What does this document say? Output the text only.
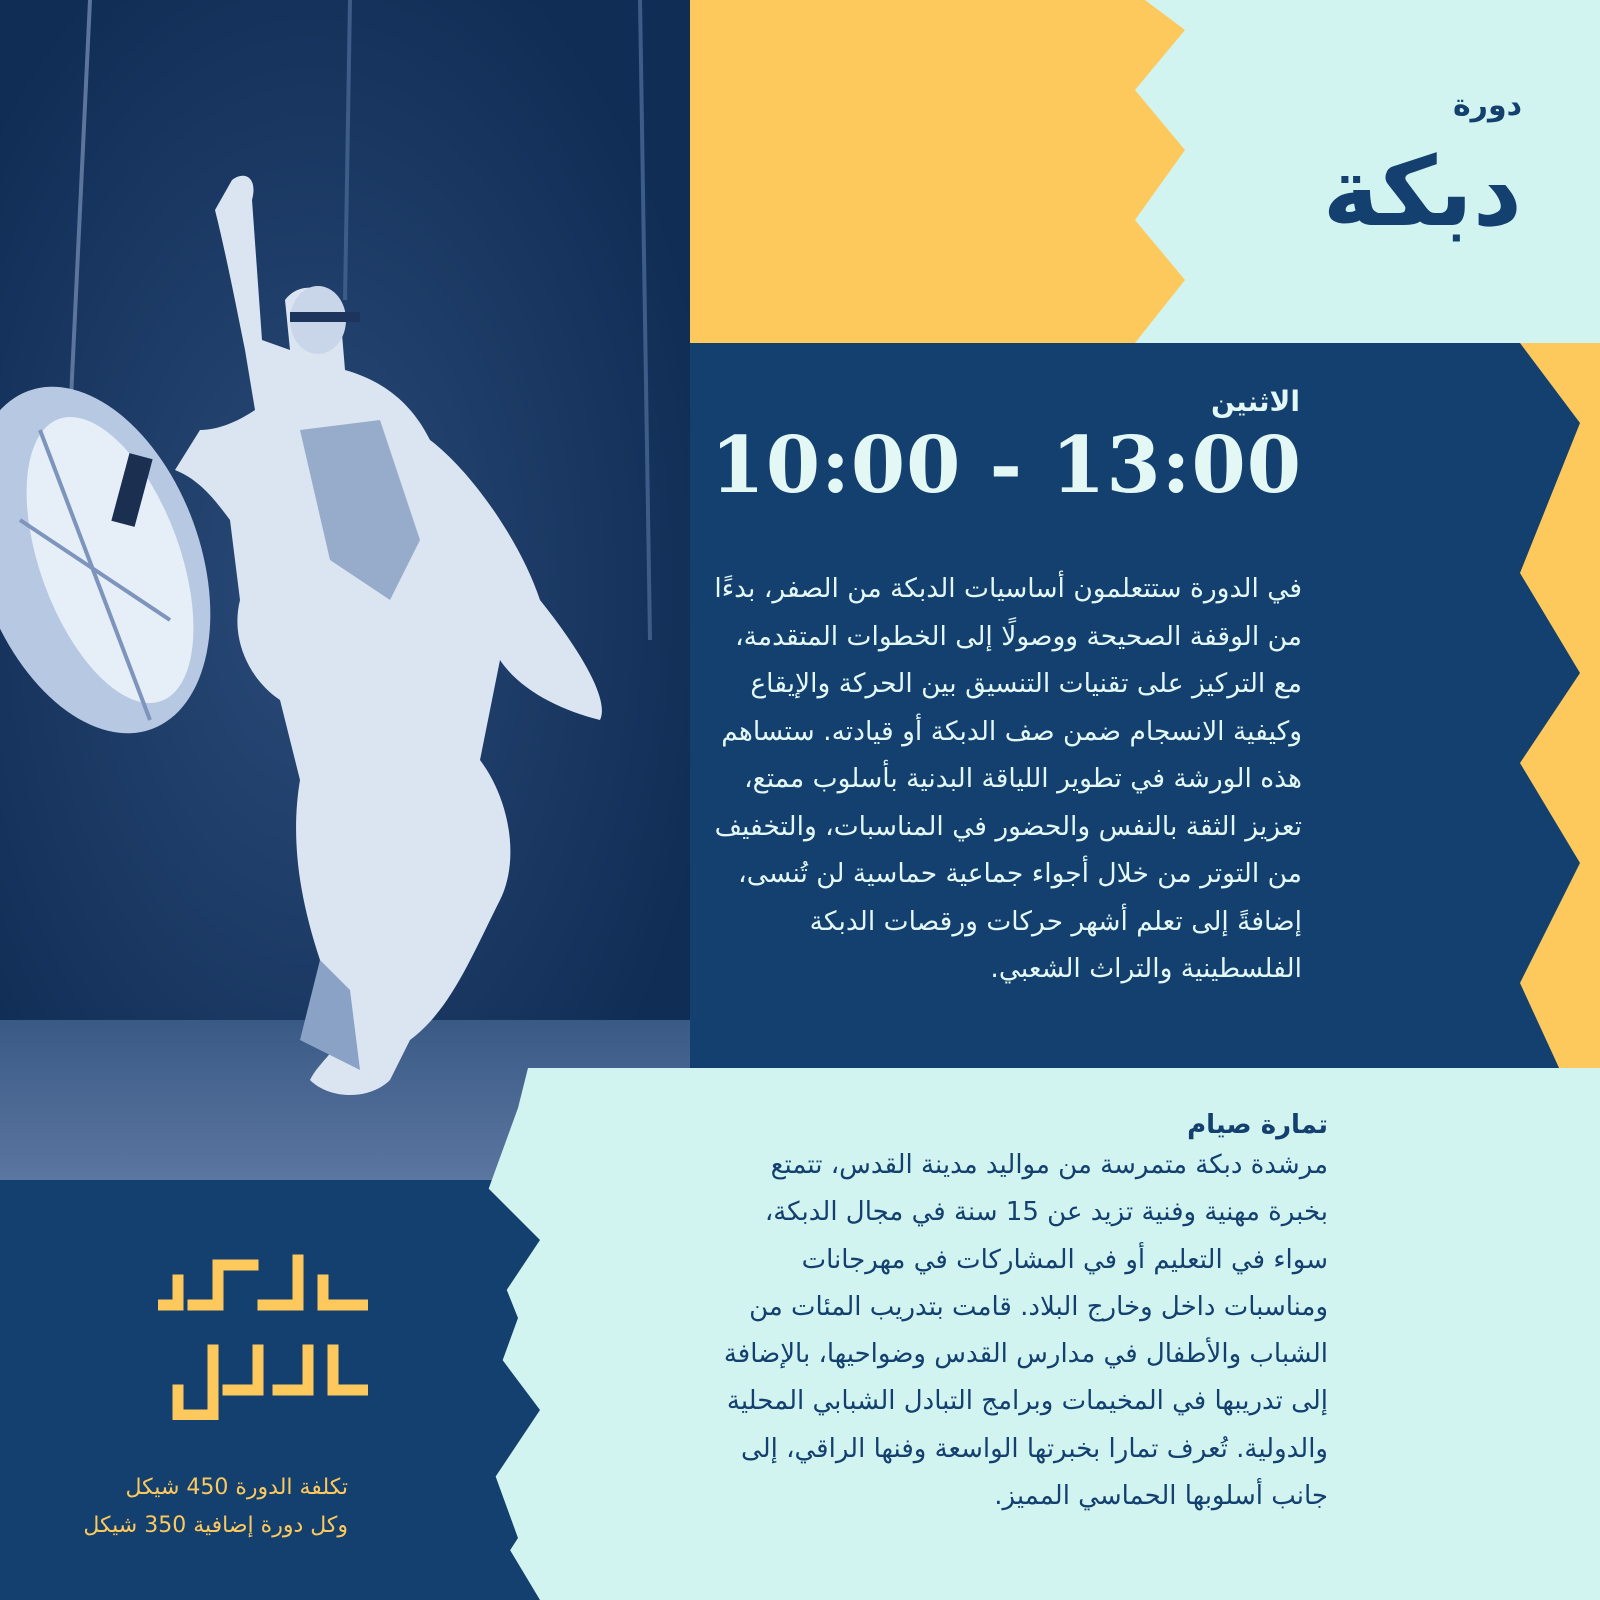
دورة
دبكة
الاثنين
10:00 - 13:00

في الدورة ستتعلمون أساسيات الدبكة من الصفر، بدءًا من الوقفة الصحيحة ووصولًا إلى الخطوات المتقدمة، مع التركيز على تقنيات التنسيق بين الحركة والإيقاع وكيفية الانسجام ضمن صف الدبكة أو قيادته. ستساهم هذه الورشة في تطوير اللياقة البدنية بأسلوب ممتع، تعزيز الثقة بالنفس والحضور في المناسبات، والتخفيف من التوتر من خلال أجواء جماعية حماسية لن تُنسى، إضافةً إلى تعلم أشهر حركات ورقصات الدبكة الفلسطينية والتراث الشعبي.

تمارة صيام

مرشدة دبكة متمرسة من مواليد مدينة القدس، تتمتع بخبرة مهنية وفنية تزيد عن 15 سنة في مجال الدبكة، سواء في التعليم أو في المشاركات في مهرجانات ومناسبات داخل وخارج البلاد. قامت بتدريب المئات من الشباب والأطفال في مدارس القدس وضواحيها، بالإضافة إلى تدريبها في المخيمات وبرامج التبادل الشبابي المحلية والدولية. تُعرف تمارا بخبرتها الواسعة وفنها الراقي، إلى جانب أسلوبها الحماسي المميز.

تكلفة الدورة 450 شيكل

وكل دورة إضافية 350 شيكل
